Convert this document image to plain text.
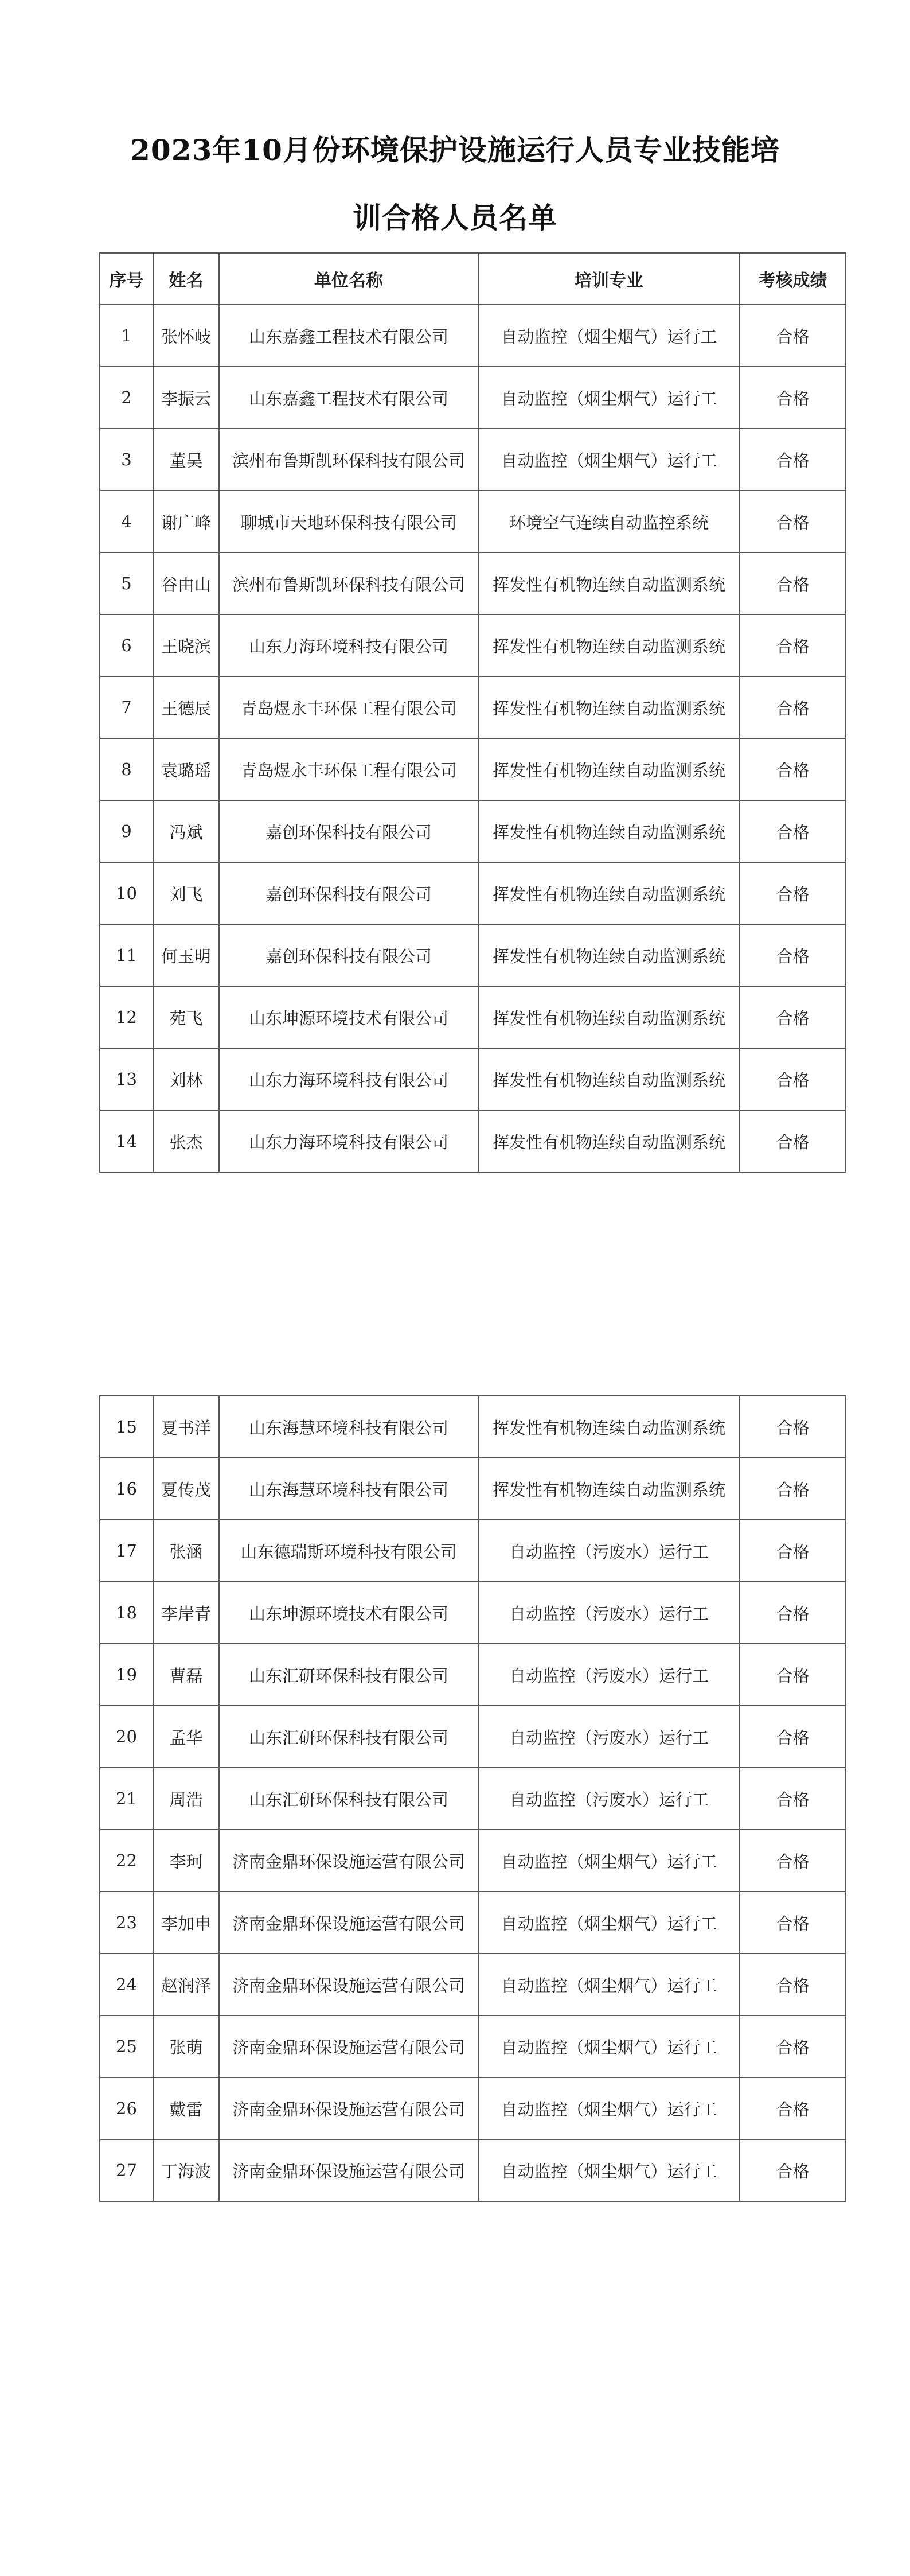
2023年10月份环境保护设施运行人员专业技能培
训合格人员名单
序号	姓名	单位名称	培训专业	考核成绩
1	张怀岐	山东嘉鑫工程技术有限公司	自动监控（烟尘烟气）运行工	合格
2	李振云	山东嘉鑫工程技术有限公司	自动监控（烟尘烟气）运行工	合格
3	董昊	滨州布鲁斯凯环保科技有限公司	自动监控（烟尘烟气）运行工	合格
4	谢广峰	聊城市天地环保科技有限公司	环境空气连续自动监控系统	合格
5	谷由山	滨州布鲁斯凯环保科技有限公司	挥发性有机物连续自动监测系统	合格
6	王晓滨	山东力海环境科技有限公司	挥发性有机物连续自动监测系统	合格
7	王德辰	青岛煜永丰环保工程有限公司	挥发性有机物连续自动监测系统	合格
8	袁璐瑶	青岛煜永丰环保工程有限公司	挥发性有机物连续自动监测系统	合格
9	冯斌	嘉创环保科技有限公司	挥发性有机物连续自动监测系统	合格
10	刘飞	嘉创环保科技有限公司	挥发性有机物连续自动监测系统	合格
11	何玉明	嘉创环保科技有限公司	挥发性有机物连续自动监测系统	合格
12	苑飞	山东坤源环境技术有限公司	挥发性有机物连续自动监测系统	合格
13	刘林	山东力海环境科技有限公司	挥发性有机物连续自动监测系统	合格
14	张杰	山东力海环境科技有限公司	挥发性有机物连续自动监测系统	合格
15	夏书洋	山东海慧环境科技有限公司	挥发性有机物连续自动监测系统	合格
16	夏传茂	山东海慧环境科技有限公司	挥发性有机物连续自动监测系统	合格
17	张涵	山东德瑞斯环境科技有限公司	自动监控（污废水）运行工	合格
18	李岸青	山东坤源环境技术有限公司	自动监控（污废水）运行工	合格
19	曹磊	山东汇研环保科技有限公司	自动监控（污废水）运行工	合格
20	孟华	山东汇研环保科技有限公司	自动监控（污废水）运行工	合格
21	周浩	山东汇研环保科技有限公司	自动监控（污废水）运行工	合格
22	李珂	济南金鼎环保设施运营有限公司	自动监控（烟尘烟气）运行工	合格
23	李加申	济南金鼎环保设施运营有限公司	自动监控（烟尘烟气）运行工	合格
24	赵润泽	济南金鼎环保设施运营有限公司	自动监控（烟尘烟气）运行工	合格
25	张萌	济南金鼎环保设施运营有限公司	自动监控（烟尘烟气）运行工	合格
26	戴雷	济南金鼎环保设施运营有限公司	自动监控（烟尘烟气）运行工	合格
27	丁海波	济南金鼎环保设施运营有限公司	自动监控（烟尘烟气）运行工	合格
